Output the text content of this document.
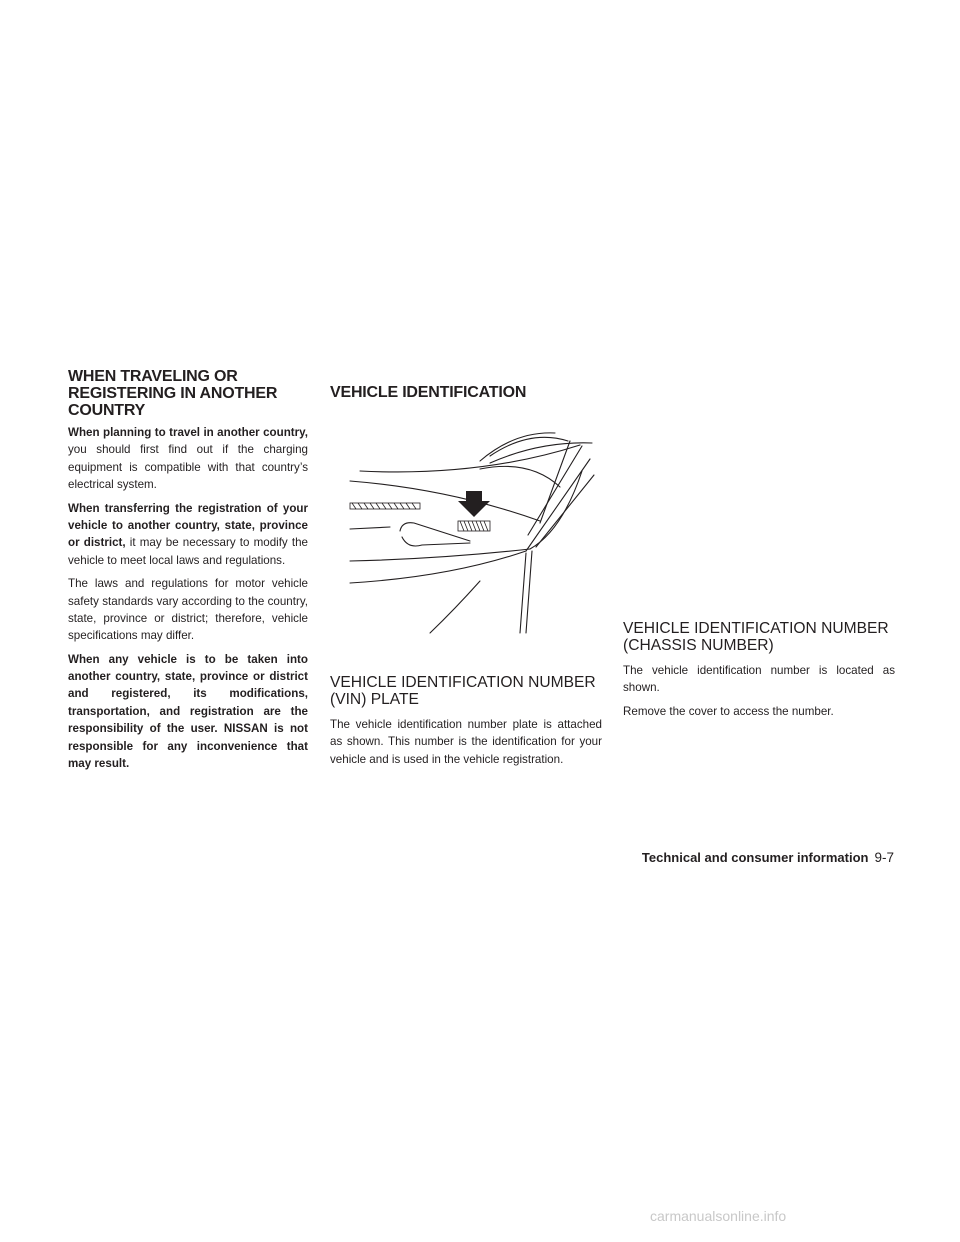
WHEN TRAVELING OR REGISTERING IN ANOTHER COUNTRY

When planning to travel in another country, you should first find out if the charging equipment is compatible with that country’s electrical system.

When transferring the registration of your vehicle to another country, state, province or district, it may be necessary to modify the vehicle to meet local laws and regulations.

The laws and regulations for motor vehicle safety standards vary according to the country, state, province or district; therefore, vehicle specifications may differ.

When any vehicle is to be taken into another country, state, province or district and registered, its modifications, transportation, and registration are the responsibility of the user. NISSAN is not responsible for any inconvenience that may result.

VEHICLE IDENTIFICATION
VEHICLE IDENTIFICATION NUMBER (VIN) PLATE

The vehicle identification number plate is attached as shown. This number is the identification for your vehicle and is used in the vehicle registration.

VEHICLE IDENTIFICATION NUMBER (CHASSIS NUMBER)

The vehicle identification number is located as shown.

Remove the cover to access the number.

Technical and consumer information 9-7
carmanualsonline.info
